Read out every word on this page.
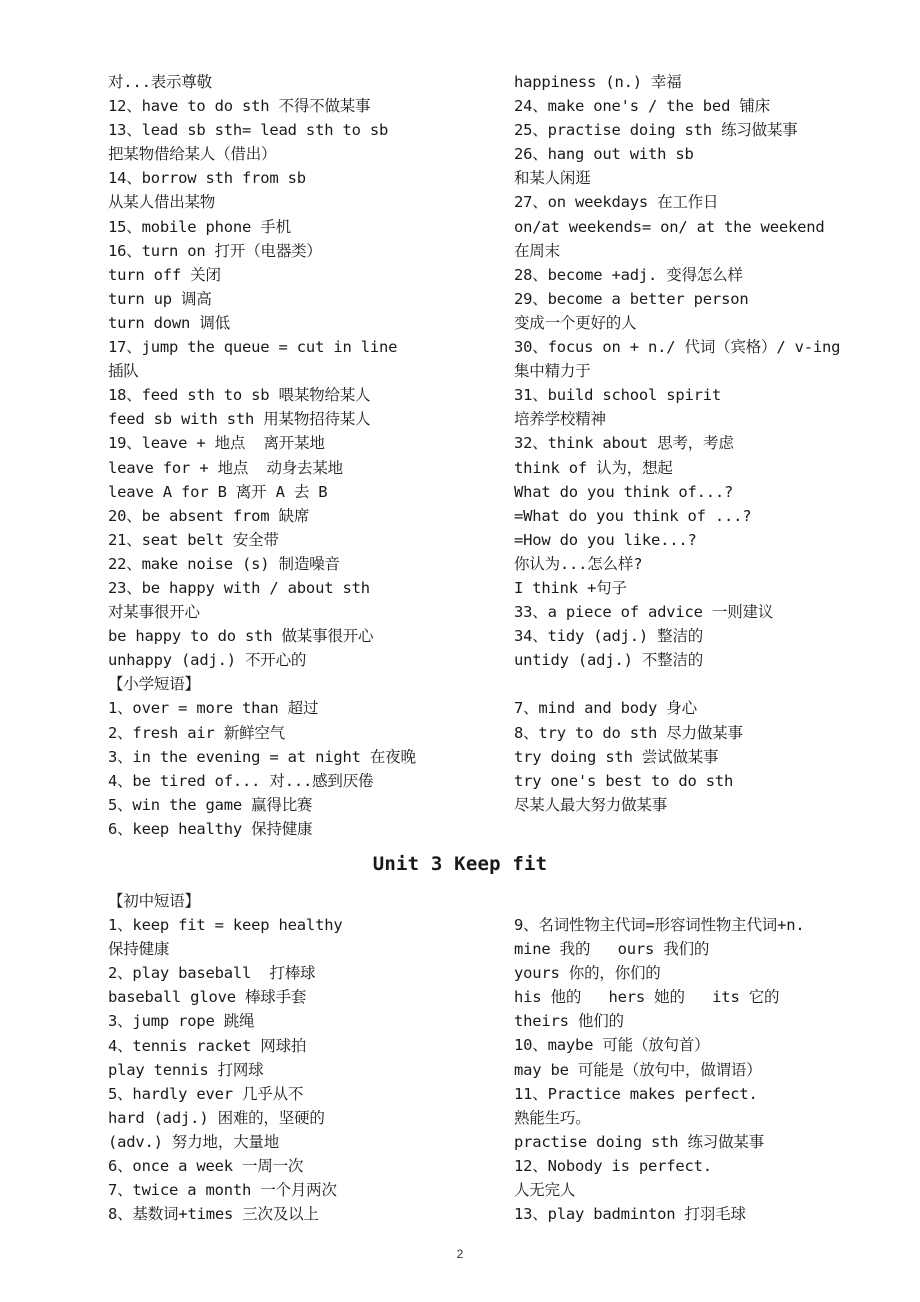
对...表示尊敬
12、have to do sth 不得不做某事
13、lead sb sth= lead sth to sb
把某物借给某人（借出）
14、borrow sth from sb
从某人借出某物
15、mobile phone 手机
16、turn on 打开（电器类）
turn off 关闭
turn up 调高
turn down 调低
17、jump the queue = cut in line
插队
18、feed sth to sb 喂某物给某人
feed sb with sth 用某物招待某人
19、leave + 地点  离开某地
leave for + 地点  动身去某地
leave A for B 离开 A 去 B
20、be absent from 缺席
21、seat belt 安全带
22、make noise (s) 制造噪音
23、be happy with / about sth
对某事很开心
be happy to do sth 做某事很开心
unhappy (adj.) 不开心的
【小学短语】
1、over = more than 超过
2、fresh air 新鲜空气
3、in the evening = at night 在夜晚
4、be tired of... 对...感到厌倦
5、win the game 赢得比赛
6、keep healthy 保持健康
happiness (n.) 幸福
24、make one's / the bed 铺床
25、practise doing sth 练习做某事
26、hang out with sb
和某人闲逛
27、on weekdays 在工作日
on/at weekends= on/ at the weekend
在周末
28、become +adj. 变得怎么样
29、become a better person
变成一个更好的人
30、focus on + n./ 代词（宾格）/ v-ing
集中精力于
31、build school spirit
培养学校精神
32、think about 思考，考虑
think of 认为，想起
What do you think of...?
=What do you think of ...?
=How do you like...?
你认为...怎么样?
I think +句子
33、a piece of advice 一则建议
34、tidy (adj.) 整洁的
untidy (adj.) 不整洁的
7、mind and body 身心
8、try to do sth 尽力做某事
try doing sth 尝试做某事
try one's best to do sth
尽某人最大努力做某事
Unit 3 Keep fit
【初中短语】
1、keep fit = keep healthy
保持健康
2、play baseball  打棒球
baseball glove 棒球手套
3、jump rope 跳绳
4、tennis racket 网球拍
play tennis 打网球
5、hardly ever 几乎从不
hard (adj.) 困难的，坚硬的
(adv.) 努力地，大量地
6、once a week 一周一次
7、twice a month 一个月两次
8、基数词+times 三次及以上
9、名词性物主代词=形容词性物主代词+n.
mine 我的   ours 我们的
yours 你的，你们的
his 他的   hers 她的   its 它的
theirs 他们的
10、maybe 可能（放句首）
may be 可能是（放句中，做谓语）
11、Practice makes perfect.
熟能生巧。
practise doing sth 练习做某事
12、Nobody is perfect.
人无完人
13、play badminton 打羽毛球
2
